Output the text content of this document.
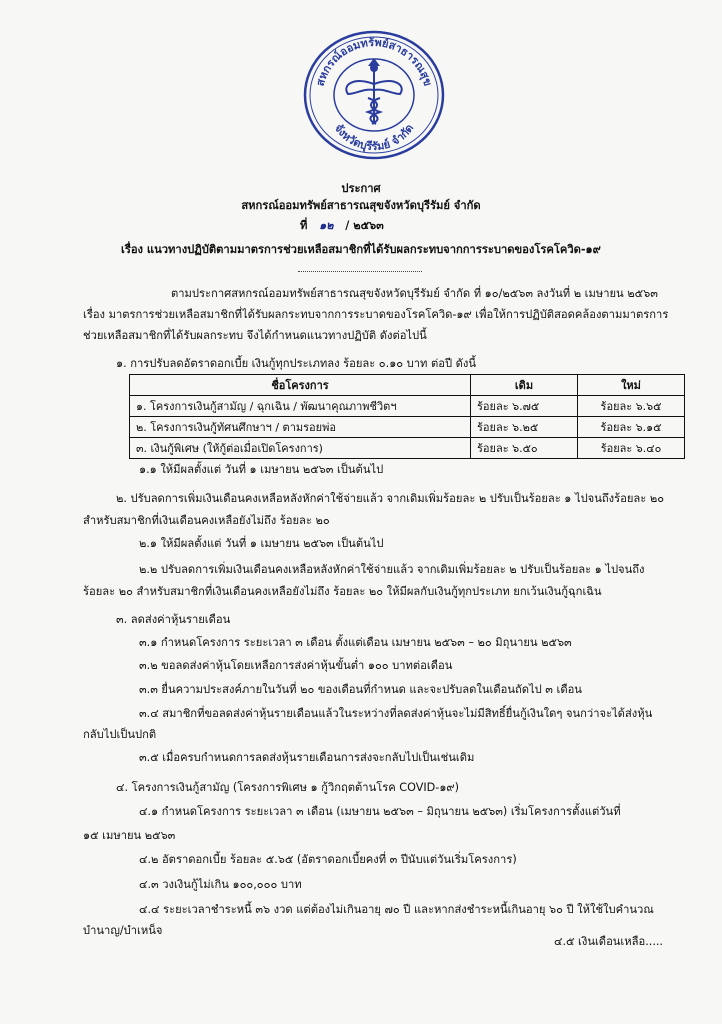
สหกรณ์ออมทรัพย์สาธารณสุข
จังหวัดบุรีรัมย์ จำกัด
ประกาศ
สหกรณ์ออมทรัพย์สาธารณสุขจังหวัดบุรีรัมย์ จำกัด
ที่ ๑๒ / ๒๕๖๓
เรื่อง แนวทางปฏิบัติตามมาตรการช่วยเหลือสมาชิกที่ได้รับผลกระทบจากการระบาดของโรคโควิด-๑๙
ตามประกาศสหกรณ์ออมทรัพย์สาธารณสุขจังหวัดบุรีรัมย์ จำกัด ที่ ๑๐/๒๕๖๓ ลงวันที่ ๒ เมษายน ๒๕๖๓
เรื่อง มาตรการช่วยเหลือสมาชิกที่ได้รับผลกระทบจากการระบาดของโรคโควิด-๑๙ เพื่อให้การปฏิบัติสอดคล้องตามมาตรการ
ช่วยเหลือสมาชิกที่ได้รับผลกระทบ จึงได้กำหนดแนวทางปฏิบัติ ดังต่อไปนี้
๑. การปรับลดอัตราดอกเบี้ย เงินกู้ทุกประเภทลง ร้อยละ ๐.๑๐ บาท ต่อปี ดังนี้
ชื่อโครงการ	เดิม	ใหม่
๑. โครงการเงินกู้สามัญ / ฉุกเฉิน / พัฒนาคุณภาพชีวิตฯ	ร้อยละ ๖.๗๕	ร้อยละ ๖.๖๕
๒. โครงการเงินกู้ทัศนศึกษาฯ / ตามรอยพ่อ	ร้อยละ ๖.๒๕	ร้อยละ ๖.๑๕
๓. เงินกู้พิเศษ (ให้กู้ต่อเมื่อเปิดโครงการ)	ร้อยละ ๖.๕๐	ร้อยละ ๖.๔๐
๑.๑ ให้มีผลตั้งแต่ วันที่ ๑ เมษายน ๒๕๖๓ เป็นต้นไป
๒. ปรับลดการเพิ่มเงินเดือนคงเหลือหลังหักค่าใช้จ่ายแล้ว จากเดิมเพิ่มร้อยละ ๒ ปรับเป็นร้อยละ ๑ ไปจนถึงร้อยละ ๒๐
สำหรับสมาชิกที่เงินเดือนคงเหลือยังไม่ถึง ร้อยละ ๒๐
๒.๑ ให้มีผลตั้งแต่ วันที่ ๑ เมษายน ๒๕๖๓ เป็นต้นไป
๒.๒ ปรับลดการเพิ่มเงินเดือนคงเหลือหลังหักค่าใช้จ่ายแล้ว จากเดิมเพิ่มร้อยละ ๒ ปรับเป็นร้อยละ ๑ ไปจนถึง
ร้อยละ ๒๐ สำหรับสมาชิกที่เงินเดือนคงเหลือยังไม่ถึง ร้อยละ ๒๐ ให้มีผลกับเงินกู้ทุกประเภท ยกเว้นเงินกู้ฉุกเฉิน
๓. ลดส่งค่าหุ้นรายเดือน
๓.๑ กำหนดโครงการ ระยะเวลา ๓ เดือน ตั้งแต่เดือน เมษายน ๒๕๖๓ – ๒๐ มิถุนายน ๒๕๖๓
๓.๒ ขอลดส่งค่าหุ้นโดยเหลือการส่งค่าหุ้นขั้นต่ำ ๑๐๐ บาทต่อเดือน
๓.๓ ยื่นความประสงค์ภายในวันที่ ๒๐ ของเดือนที่กำหนด และจะปรับลดในเดือนถัดไป ๓ เดือน
๓.๔ สมาชิกที่ขอลดส่งค่าหุ้นรายเดือนแล้วในระหว่างที่ลดส่งค่าหุ้นจะไม่มีสิทธิ์ยื่นกู้เงินใดๆ จนกว่าจะได้ส่งหุ้น
กลับไปเป็นปกติ
๓.๕ เมื่อครบกำหนดการลดส่งหุ้นรายเดือนการส่งจะกลับไปเป็นเช่นเดิม
๔. โครงการเงินกู้สามัญ (โครงการพิเศษ ๑ กู้วิกฤตต้านโรค COVID-๑๙)
๔.๑ กำหนดโครงการ ระยะเวลา ๓ เดือน (เมษายน ๒๕๖๓ – มิถุนายน ๒๕๖๓) เริ่มโครงการตั้งแต่วันที่
๑๕ เมษายน ๒๕๖๓
๔.๒ อัตราดอกเบี้ย ร้อยละ ๕.๖๕ (อัตราดอกเบี้ยคงที่ ๓ ปีนับแต่วันเริ่มโครงการ)
๔.๓ วงเงินกู้ไม่เกิน ๑๐๐,๐๐๐ บาท
๔.๔ ระยะเวลาชำระหนี้ ๓๖ งวด แต่ต้องไม่เกินอายุ ๗๐ ปี และหากส่งชำระหนี้เกินอายุ ๖๐ ปี ให้ใช้ใบคำนวณ
บำนาญ/บำเหน็จ
๔.๕ เงินเดือนเหลือ.....
